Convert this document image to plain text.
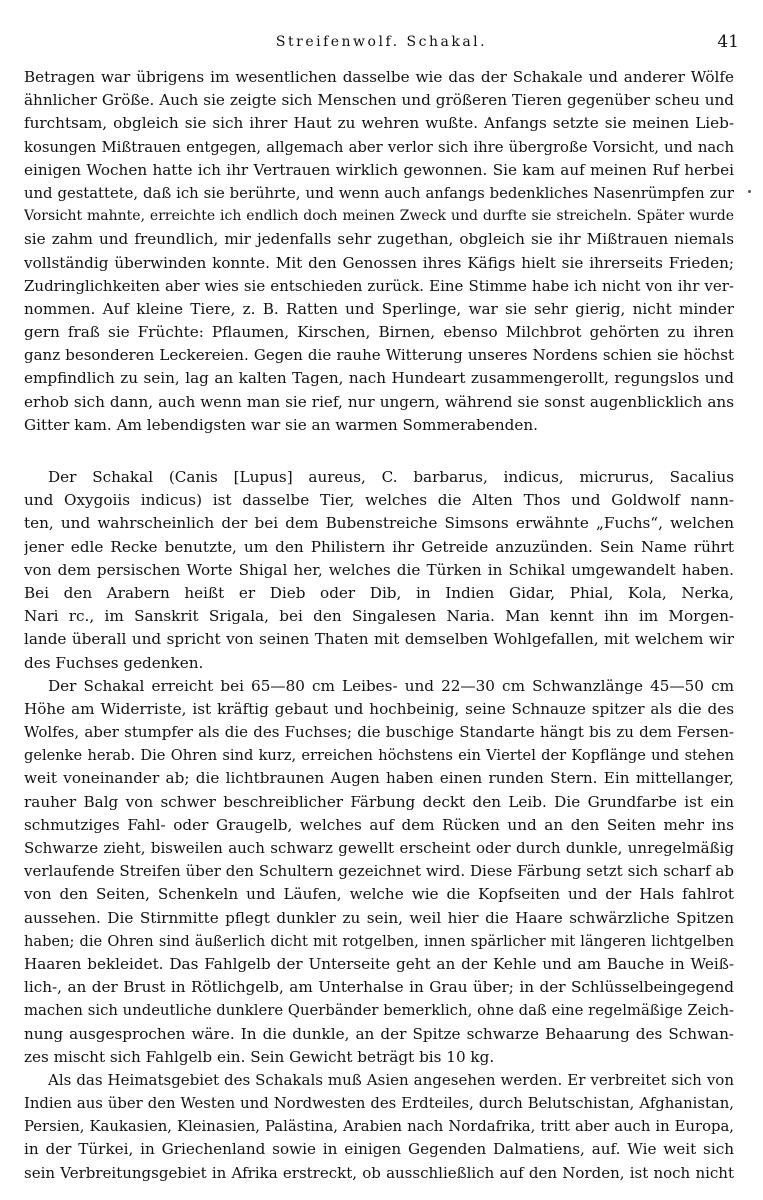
Streifenwolf. Schakal.	41
Betragen war übrigens im wesentlichen dasselbe wie das der Schakale und anderer Wölfe
ähnlicher Größe. Auch sie zeigte sich Menschen und größeren Tieren gegenüber scheu und
furchtsam, obgleich sie sich ihrer Haut zu wehren wußte. Anfangs setzte sie meinen Lieb-
kosungen Mißtrauen entgegen, allgemach aber verlor sich ihre übergroße Vorsicht, und nach
einigen Wochen hatte ich ihr Vertrauen wirklich gewonnen. Sie kam auf meinen Ruf herbei
und gestattete, daß ich sie berührte, und wenn auch anfangs bedenkliches Nasenrümpfen zur
Vorsicht mahnte, erreichte ich endlich doch meinen Zweck und durfte sie streicheln. Später wurde
sie zahm und freundlich, mir jedenfalls sehr zugethan, obgleich sie ihr Mißtrauen niemals
vollständig überwinden konnte. Mit den Genossen ihres Käfigs hielt sie ihrerseits Frieden;
Zudringlichkeiten aber wies sie entschieden zurück. Eine Stimme habe ich nicht von ihr ver-
nommen. Auf kleine Tiere, z. B. Ratten und Sperlinge, war sie sehr gierig, nicht minder
gern fraß sie Früchte: Pflaumen, Kirschen, Birnen, ebenso Milchbrot gehörten zu ihren
ganz besonderen Leckereien. Gegen die rauhe Witterung unseres Nordens schien sie höchst
empfindlich zu sein, lag an kalten Tagen, nach Hundeart zusammengerollt, regungslos und
erhob sich dann, auch wenn man sie rief, nur ungern, während sie sonst augenblicklich ans
Gitter kam. Am lebendigsten war sie an warmen Sommerabenden.
Der Schakal (Canis [Lupus] aureus, C. barbarus, indicus, micrurus, Sacalius
und Oxygoiis indicus) ist dasselbe Tier, welches die Alten Thos und Goldwolf nann-
ten, und wahrscheinlich der bei dem Bubenstreiche Simsons erwähnte „Fuchs“, welchen
jener edle Recke benutzte, um den Philistern ihr Getreide anzuzünden. Sein Name rührt
von dem persischen Worte Shigal her, welches die Türken in Schikal umgewandelt haben.
Bei den Arabern heißt er Dieb oder Dib, in Indien Gidar, Phial, Kola, Nerka,
Nari rc., im Sanskrit Srigala, bei den Singalesen Naria. Man kennt ihn im Morgen-
lande überall und spricht von seinen Thaten mit demselben Wohlgefallen, mit welchem wir
des Fuchses gedenken.
Der Schakal erreicht bei 65—80 cm Leibes- und 22—30 cm Schwanzlänge 45—50 cm
Höhe am Widerriste, ist kräftig gebaut und hochbeinig, seine Schnauze spitzer als die des
Wolfes, aber stumpfer als die des Fuchses; die buschige Standarte hängt bis zu dem Fersen-
gelenke herab. Die Ohren sind kurz, erreichen höchstens ein Viertel der Kopflänge und stehen
weit voneinander ab; die lichtbraunen Augen haben einen runden Stern. Ein mittellanger,
rauher Balg von schwer beschreiblicher Färbung deckt den Leib. Die Grundfarbe ist ein
schmutziges Fahl- oder Graugelb, welches auf dem Rücken und an den Seiten mehr ins
Schwarze zieht, bisweilen auch schwarz gewellt erscheint oder durch dunkle, unregelmäßig
verlaufende Streifen über den Schultern gezeichnet wird. Diese Färbung setzt sich scharf ab
von den Seiten, Schenkeln und Läufen, welche wie die Kopfseiten und der Hals fahlrot
aussehen. Die Stirnmitte pflegt dunkler zu sein, weil hier die Haare schwärzliche Spitzen
haben; die Ohren sind äußerlich dicht mit rotgelben, innen spärlicher mit längeren lichtgelben
Haaren bekleidet. Das Fahlgelb der Unterseite geht an der Kehle und am Bauche in Weiß-
lich-, an der Brust in Rötlichgelb, am Unterhalse in Grau über; in der Schlüsselbeingegend
machen sich undeutliche dunklere Querbänder bemerklich, ohne daß eine regelmäßige Zeich-
nung ausgesprochen wäre. In die dunkle, an der Spitze schwarze Behaarung des Schwan-
zes mischt sich Fahlgelb ein. Sein Gewicht beträgt bis 10 kg.
Als das Heimatsgebiet des Schakals muß Asien angesehen werden. Er verbreitet sich von
Indien aus über den Westen und Nordwesten des Erdteiles, durch Belutschistan, Afghanistan,
Persien, Kaukasien, Kleinasien, Palästina, Arabien nach Nordafrika, tritt aber auch in Europa,
in der Türkei, in Griechenland sowie in einigen Gegenden Dalmatiens, auf. Wie weit sich
sein Verbreitungsgebiet in Afrika erstreckt, ob ausschließlich auf den Norden, ist noch nicht
